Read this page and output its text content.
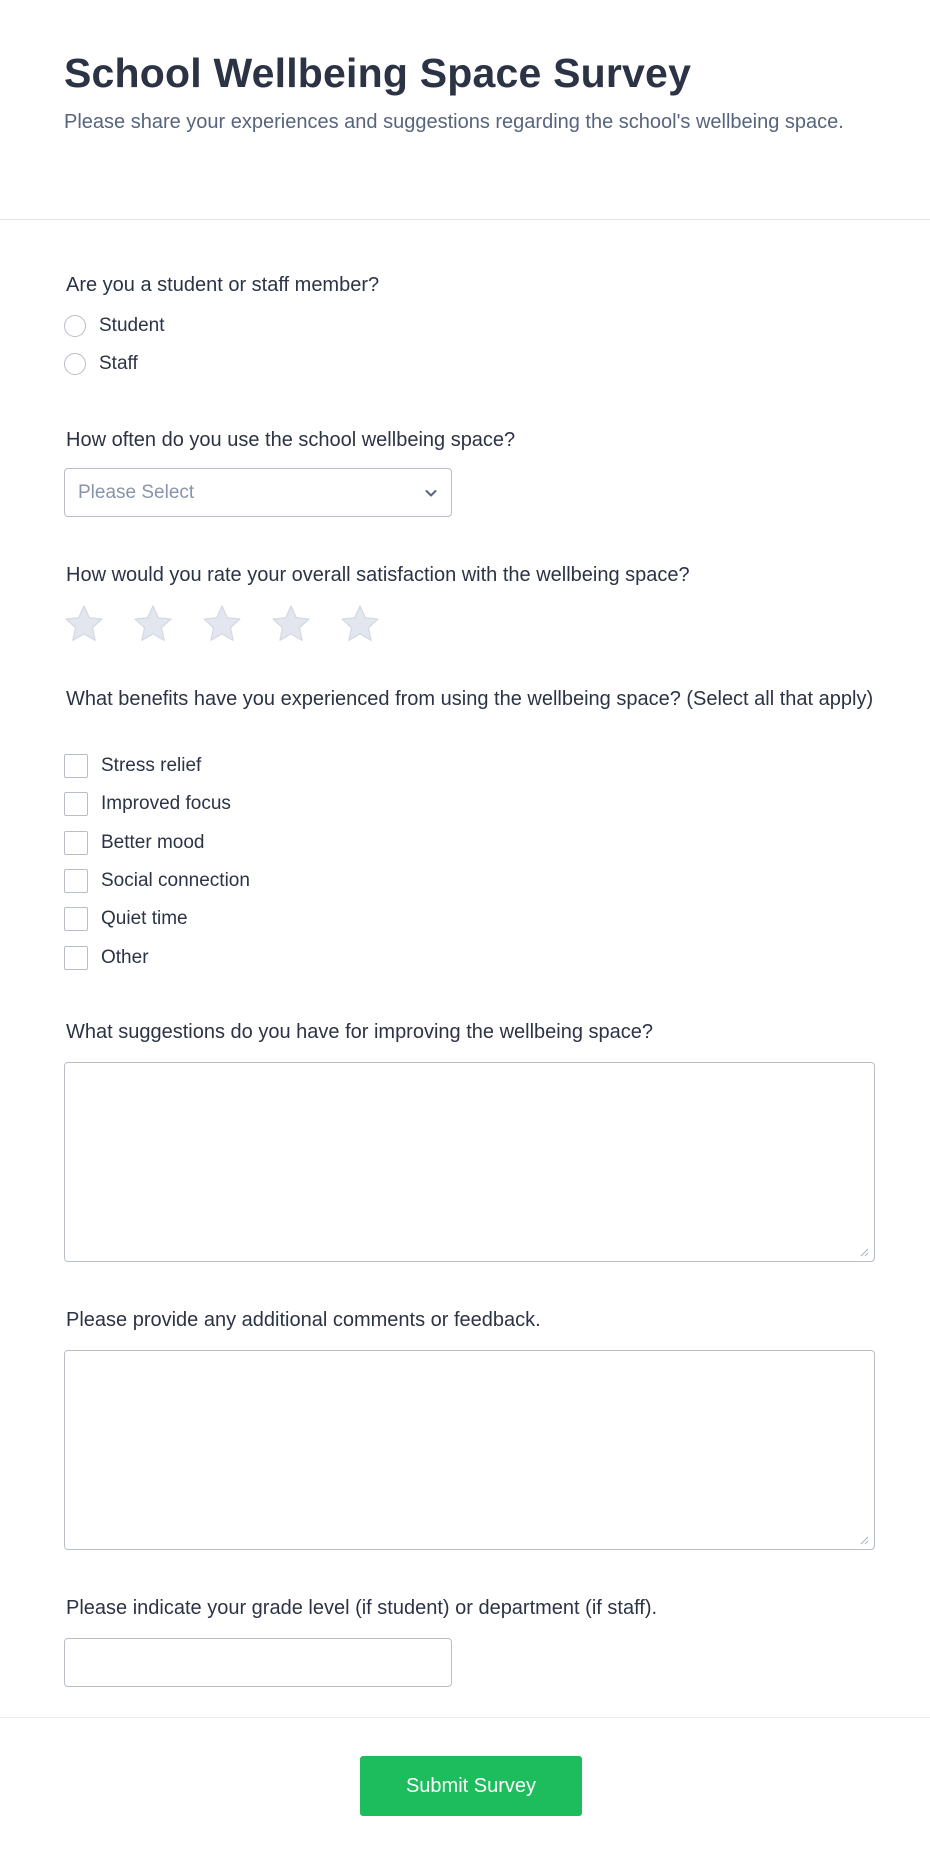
School Wellbeing Space Survey

Please share your experiences and suggestions regarding the school's wellbeing space.

Are you a student or staff member?

Student
Staff

How often do you use the school wellbeing space?

Please Select

How would you rate your overall satisfaction with the wellbeing space?

What benefits have you experienced from using the wellbeing space? (Select all that apply)

Stress relief
Improved focus
Better mood
Social connection
Quiet time
Other

What suggestions do you have for improving the wellbeing space?

Please provide any additional comments or feedback.

Please indicate your grade level (if student) or department (if staff).

Submit Survey
